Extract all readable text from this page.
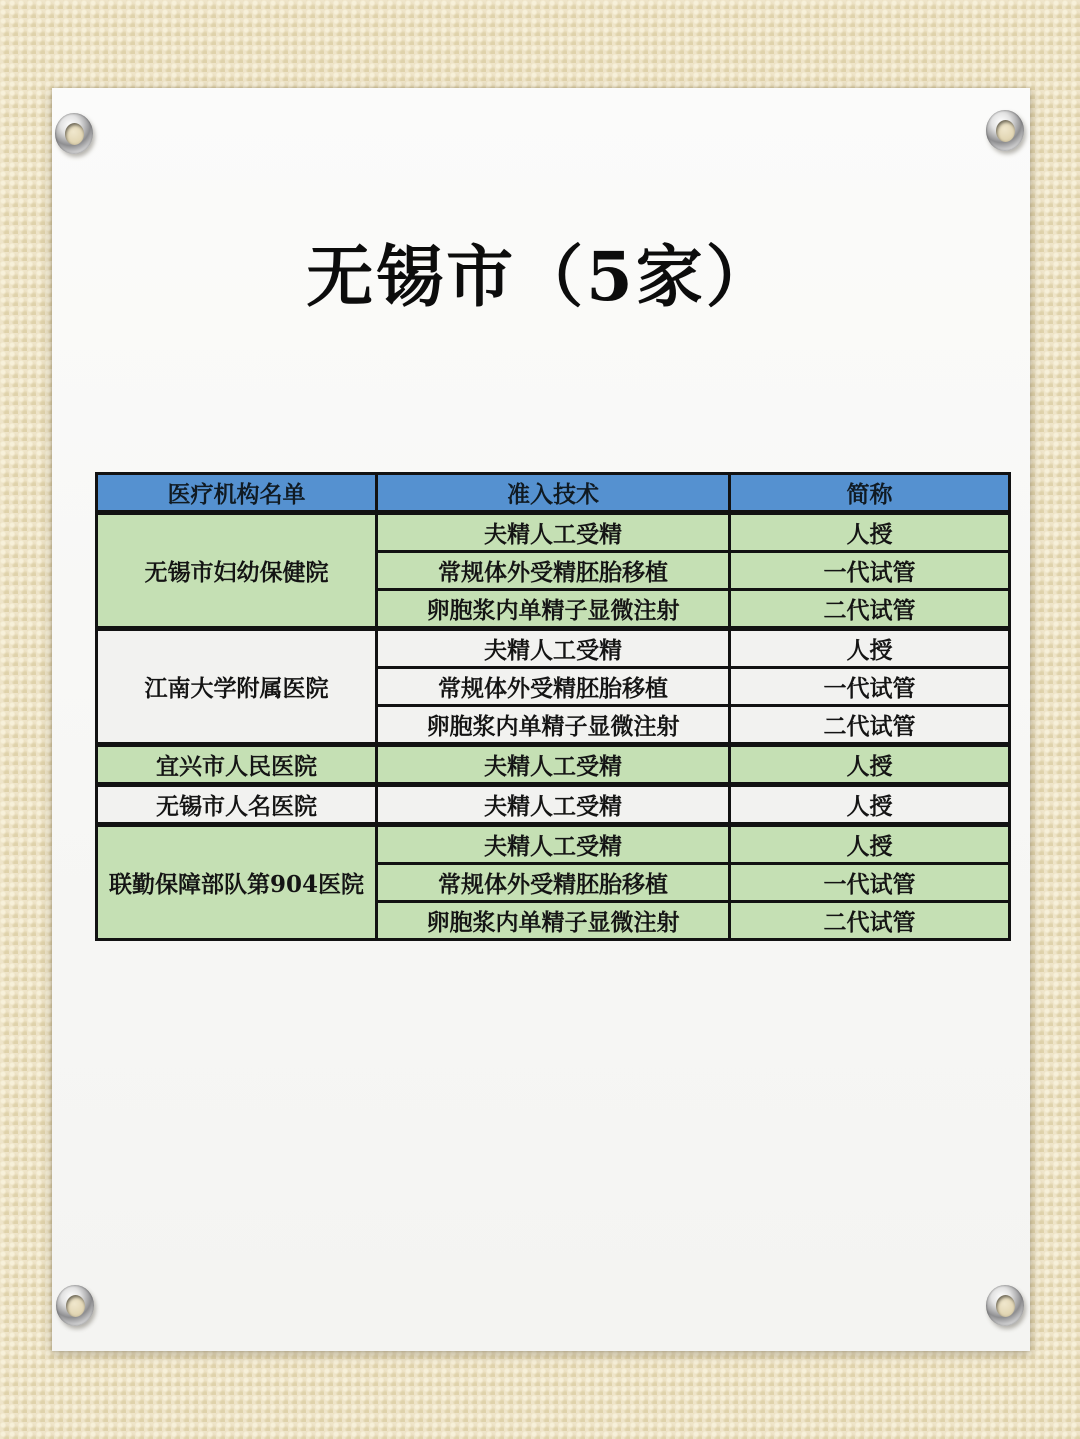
无锡市（5家）
医疗机构名单	准入技术	简称
无锡市妇幼保健院	夫精人工受精	人授
	常规体外受精胚胎移植	一代试管
	卵胞浆内单精子显微注射	二代试管
江南大学附属医院	夫精人工受精	人授
	常规体外受精胚胎移植	一代试管
	卵胞浆内单精子显微注射	二代试管
宜兴市人民医院	夫精人工受精	人授
无锡市人名医院	夫精人工受精	人授
联勤保障部队第904医院	夫精人工受精	人授
	常规体外受精胚胎移植	一代试管
	卵胞浆内单精子显微注射	二代试管
